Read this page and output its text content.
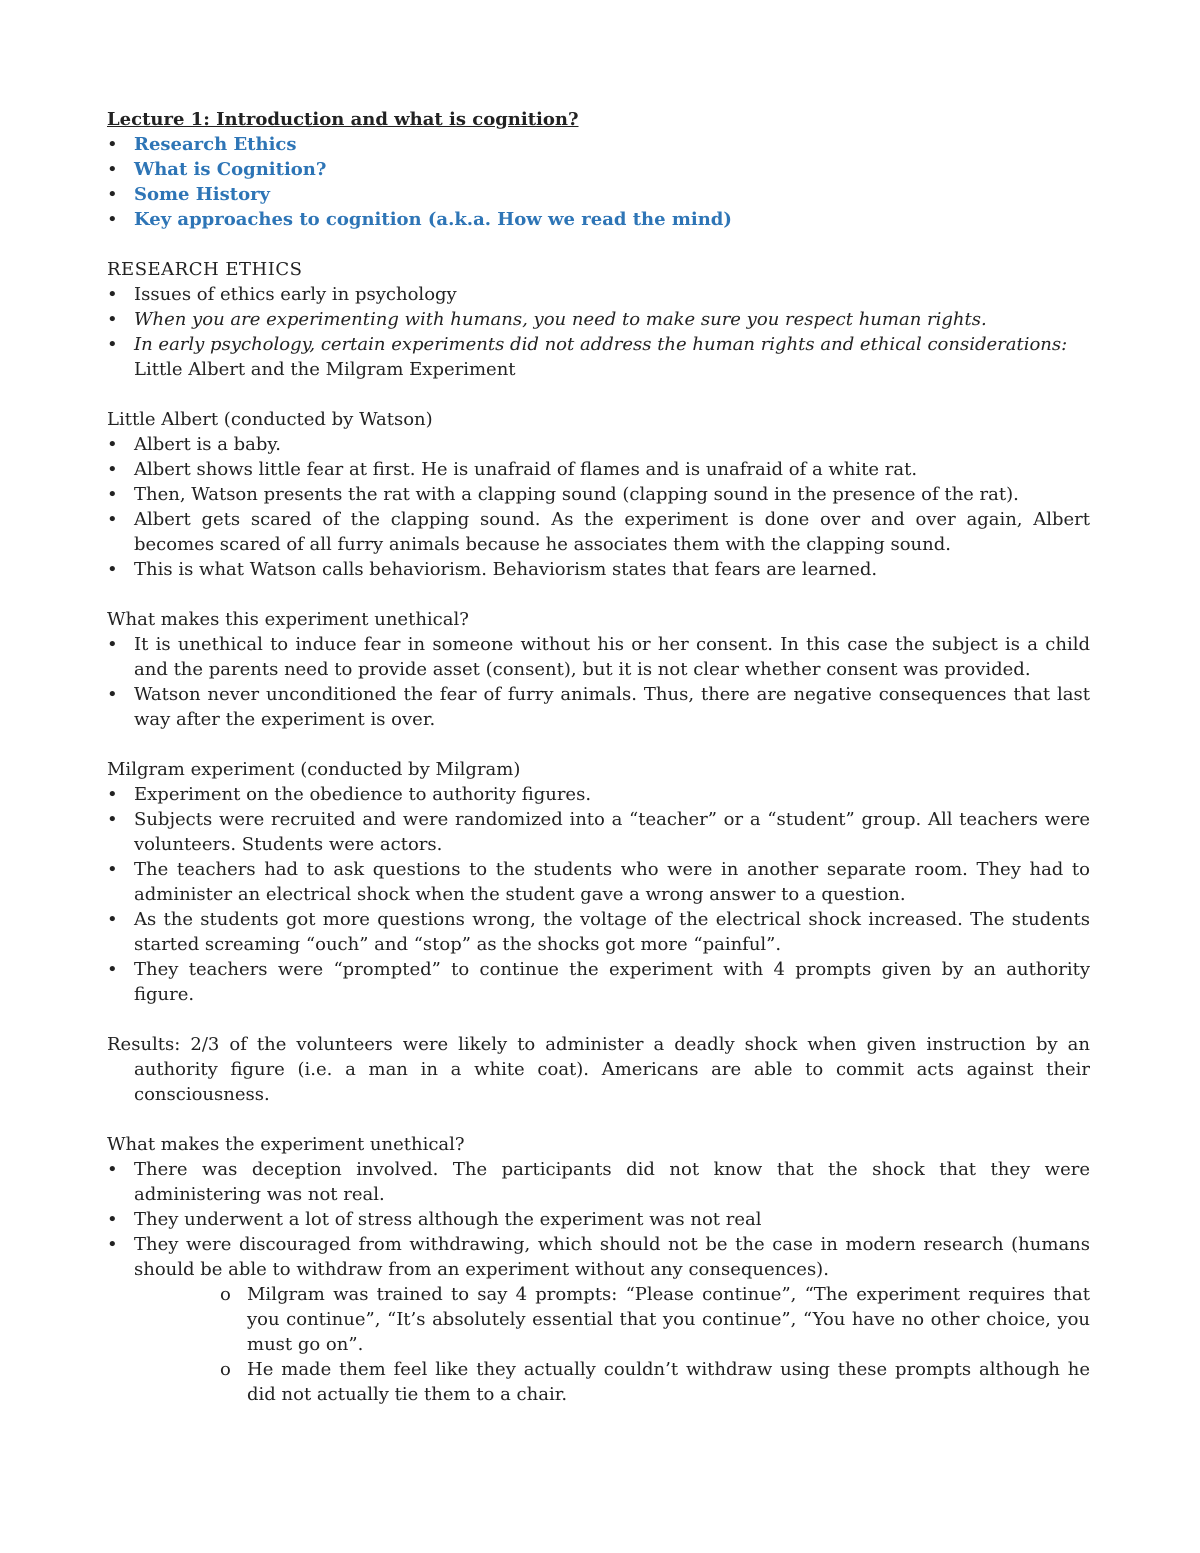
Lecture 1: Introduction and what is cognition?

• Research Ethics
• What is Cognition?
• Some History
• Key approaches to cognition (a.k.a. How we read the mind)

RESEARCH ETHICS

• Issues of ethics early in psychology
• When you are experimenting with humans, you need to make sure you respect human rights.
• In early psychology, certain experiments did not address the human rights and ethical considerations: Little Albert and the Milgram Experiment

Little Albert (conducted by Watson)

• Albert is a baby.
• Albert shows little fear at first. He is unafraid of flames and is unafraid of a white rat.
• Then, Watson presents the rat with a clapping sound (clapping sound in the presence of the rat).
• Albert gets scared of the clapping sound. As the experiment is done over and over again, Albert becomes scared of all furry animals because he associates them with the clapping sound.
• This is what Watson calls behaviorism. Behaviorism states that fears are learned.

What makes this experiment unethical?

• It is unethical to induce fear in someone without his or her consent. In this case the subject is a child and the parents need to provide asset (consent), but it is not clear whether consent was provided.
• Watson never unconditioned the fear of furry animals. Thus, there are negative consequences that last way after the experiment is over.

Milgram experiment (conducted by Milgram)

• Experiment on the obedience to authority figures.
• Subjects were recruited and were randomized into a “teacher” or a “student” group. All teachers were volunteers. Students were actors.
• The teachers had to ask questions to the students who were in another separate room. They had to administer an electrical shock when the student gave a wrong answer to a question.
• As the students got more questions wrong, the voltage of the electrical shock increased. The students started screaming “ouch” and “stop” as the shocks got more “painful”.
• They teachers were “prompted” to continue the experiment with 4 prompts given by an authority figure.

Results: 2/3 of the volunteers were likely to administer a deadly shock when given instruction by an authority figure (i.e. a man in a white coat). Americans are able to commit acts against their consciousness.

What makes the experiment unethical?

• There was deception involved. The participants did not know that the shock that they were administering was not real.
• They underwent a lot of stress although the experiment was not real
• They were discouraged from withdrawing, which should not be the case in modern research (humans should be able to withdraw from an experiment without any consequences).
o Milgram was trained to say 4 prompts: “Please continue”, “The experiment requires that you continue”, “It’s absolutely essential that you continue”, “You have no other choice, you must go on”.
o He made them feel like they actually couldn’t withdraw using these prompts although he did not actually tie them to a chair.
